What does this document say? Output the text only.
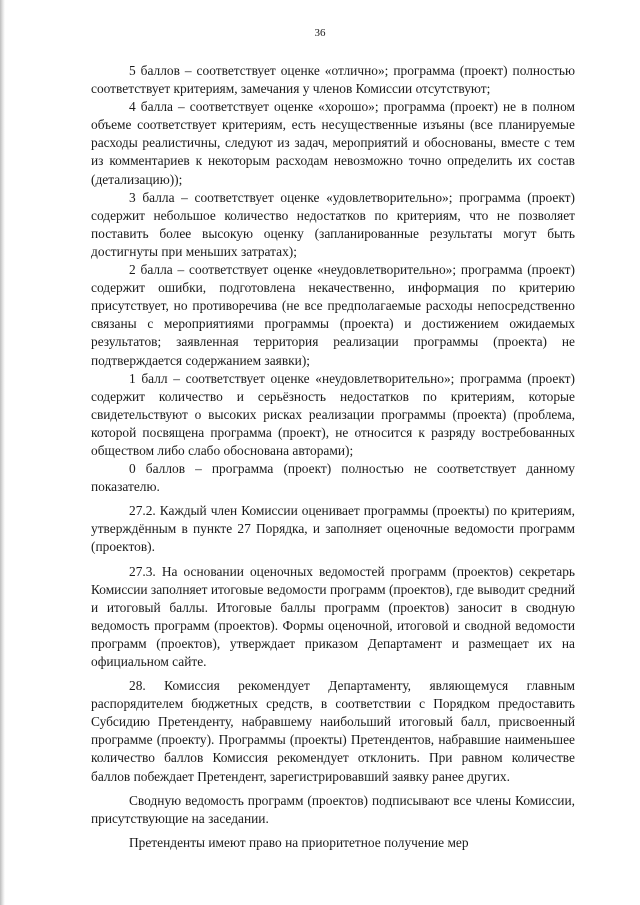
36

5 баллов – соответствует оценке «отлично»; программа (проект) полностью соответствует критериям, замечания у членов Комиссии отсутствуют;

4 балла – соответствует оценке «хорошо»; программа (проект) не в полном объеме соответствует критериям, есть несущественные изъяны (все планируемые расходы реалистичны, следуют из задач, мероприятий и обоснованы, вместе с тем из комментариев к некоторым расходам невозможно точно определить их состав (детализацию));

3 балла – соответствует оценке «удовлетворительно»; программа (проект) содержит небольшое количество недостатков по критериям, что не позволяет поставить более высокую оценку (запланированные результаты могут быть достигнуты при меньших затратах);

2 балла – соответствует оценке «неудовлетворительно»; программа (проект) содержит ошибки, подготовлена некачественно, информация по критерию присутствует, но противоречива (не все предполагаемые расходы непосредственно связаны с мероприятиями программы (проекта) и достижением ожидаемых результатов; заявленная территория реализации программы (проекта) не подтверждается содержанием заявки);

1 балл – соответствует оценке «неудовлетворительно»; программа (проект) содержит количество и серьёзность недостатков по критериям, которые свидетельствуют о высоких рисках реализации программы (проекта) (проблема, которой посвящена программа (проект), не относится к разряду востребованных обществом либо слабо обоснована авторами);

0 баллов – программа (проект) полностью не соответствует данному показателю.

27.2. Каждый член Комиссии оценивает программы (проекты) по критериям, утверждённым в пункте 27 Порядка, и заполняет оценочные ведомости программ (проектов).

27.3. На основании оценочных ведомостей программ (проектов) секретарь Комиссии заполняет итоговые ведомости программ (проектов), где выводит средний и итоговый баллы. Итоговые баллы программ (проектов) заносит в сводную ведомость программ (проектов). Формы оценочной, итоговой и сводной ведомости программ (проектов), утверждает приказом Департамент и размещает их на официальном сайте.

28. Комиссия рекомендует Департаменту, являющемуся главным распорядителем бюджетных средств, в соответствии с Порядком предоставить Субсидию Претенденту, набравшему наибольший итоговый балл, присвоенный программе (проекту). Программы (проекты) Претендентов, набравшие наименьшее количество баллов Комиссия рекомендует отклонить. При равном количестве баллов побеждает Претендент, зарегистрировавший заявку ранее других.

Сводную ведомость программ (проектов) подписывают все члены Комиссии, присутствующие на заседании.

Претенденты имеют право на приоритетное получение мер
